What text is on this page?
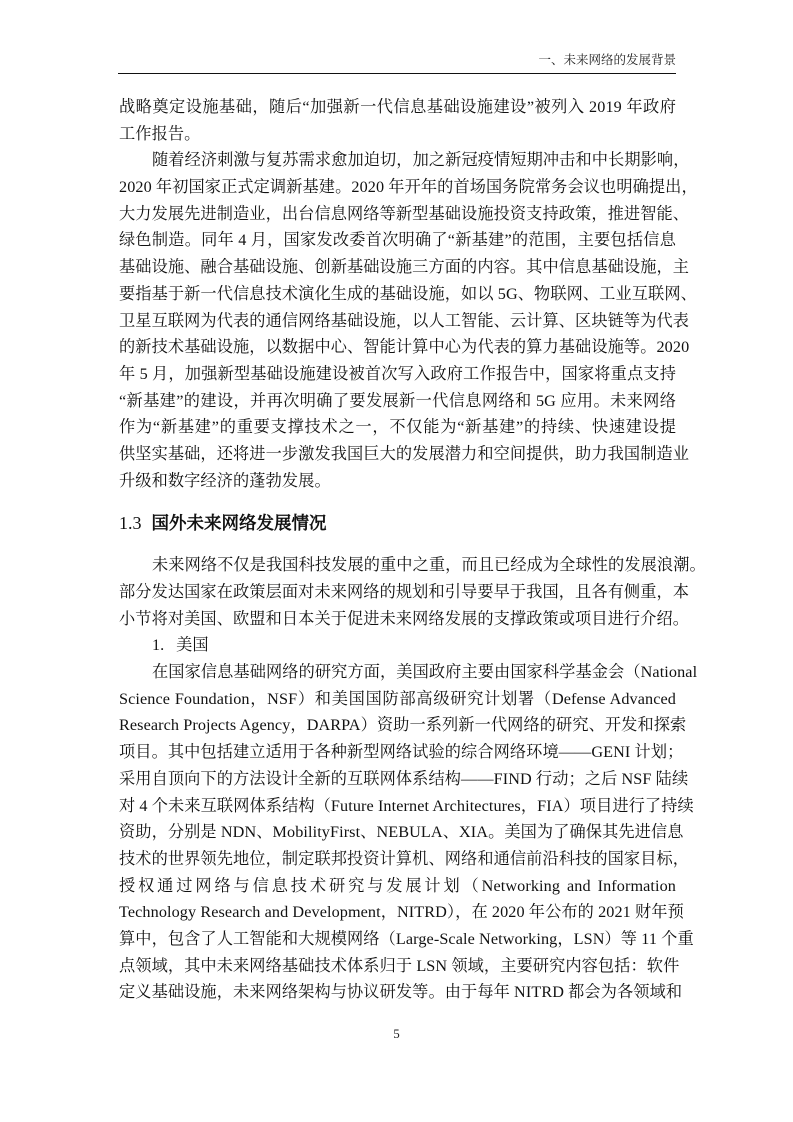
一、未来网络的发展背景
战略奠定设施基础，随后“加强新一代信息基础设施建设”被列入 2019 年政府
工作报告。
随着经济刺激与复苏需求愈加迫切，加之新冠疫情短期冲击和中长期影响，
2020 年初国家正式定调新基建。2020 年开年的首场国务院常务会议也明确提出，
大力发展先进制造业，出台信息网络等新型基础设施投资支持政策，推进智能、
绿色制造。同年 4 月，国家发改委首次明确了“新基建”的范围，主要包括信息
基础设施、融合基础设施、创新基础设施三方面的内容。其中信息基础设施，主
要指基于新一代信息技术演化生成的基础设施，如以 5G、物联网、工业互联网、
卫星互联网为代表的通信网络基础设施，以人工智能、云计算、区块链等为代表
的新技术基础设施，以数据中心、智能计算中心为代表的算力基础设施等。2020
年 5 月，加强新型基础设施建设被首次写入政府工作报告中，国家将重点支持
“新基建”的建设，并再次明确了要发展新一代信息网络和 5G 应用。未来网络
作为“新基建”的重要支撑技术之一，不仅能为“新基建”的持续、快速建设提
供坚实基础，还将进一步激发我国巨大的发展潜力和空间提供，助力我国制造业
升级和数字经济的蓬勃发展。
1.3 国外未来网络发展情况
未来网络不仅是我国科技发展的重中之重，而且已经成为全球性的发展浪潮。
部分发达国家在政策层面对未来网络的规划和引导要早于我国，且各有侧重，本
小节将对美国、欧盟和日本关于促进未来网络发展的支撑政策或项目进行介绍。
1. 美国
在国家信息基础网络的研究方面，美国政府主要由国家科学基金会（National
Science Foundation，NSF）和美国国防部高级研究计划署（Defense Advanced
Research Projects Agency，DARPA）资助一系列新一代网络的研究、开发和探索
项目。其中包括建立适用于各种新型网络试验的综合网络环境——GENI 计划；
采用自顶向下的方法设计全新的互联网体系结构——FIND 行动；之后 NSF 陆续
对 4 个未来互联网体系结构（Future Internet Architectures，FIA）项目进行了持续
资助，分别是 NDN、MobilityFirst、NEBULA、XIA。美国为了确保其先进信息
技术的世界领先地位，制定联邦投资计算机、网络和通信前沿科技的国家目标，
授权通过网络与信息技术研究与发展计划（Networking and Information
Technology Research and Development，NITRD），在 2020 年公布的 2021 财年预
算中，包含了人工智能和大规模网络（Large-Scale Networking，LSN）等 11 个重
点领域，其中未来网络基础技术体系归于 LSN 领域，主要研究内容包括：软件
定义基础设施，未来网络架构与协议研发等。由于每年 NITRD 都会为各领域和
5
